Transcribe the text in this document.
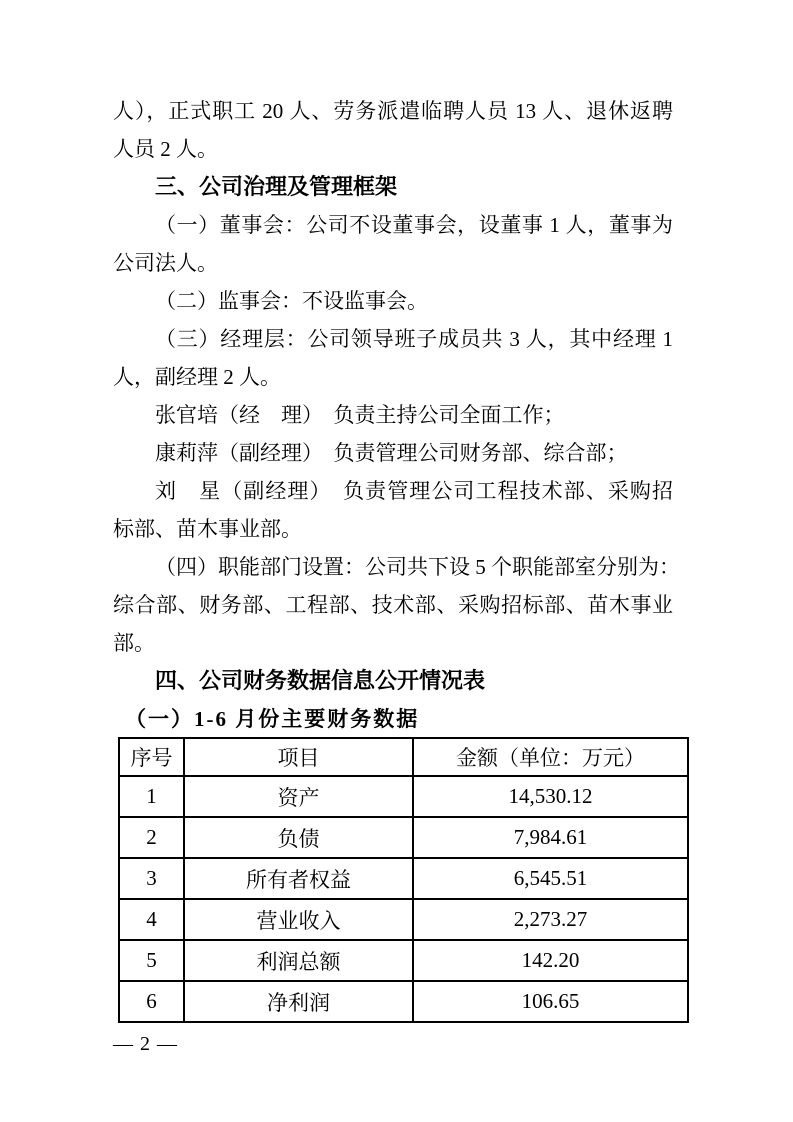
人），正式职工 20 人、劳务派遣临聘人员 13 人、退休返聘
人员 2 人。
三、公司治理及管理框架
（一）董事会：公司不设董事会，设董事 1 人，董事为
公司法人。
（二）监事会：不设监事会。
（三）经理层：公司领导班子成员共 3 人，其中经理 1
人，副经理 2 人。
张官培（经　理）　负责主持公司全面工作；
康莉萍（副经理）　负责管理公司财务部、综合部；
刘　星（副经理）　负责管理公司工程技术部、采购招
标部、苗木事业部。
（四）职能部门设置：公司共下设 5 个职能部室分别为：
综合部、财务部、工程部、技术部、采购招标部、苗木事业
部。
四、公司财务数据信息公开情况表
（一）1-6 月份主要财务数据
序号	项目	金额（单位：万元）
1	资产	14,530.12
2	负债	7,984.61
3	所有者权益	6,545.51
4	营业收入	2,273.27
5	利润总额	142.20
6	净利润	106.65
— 2 —
